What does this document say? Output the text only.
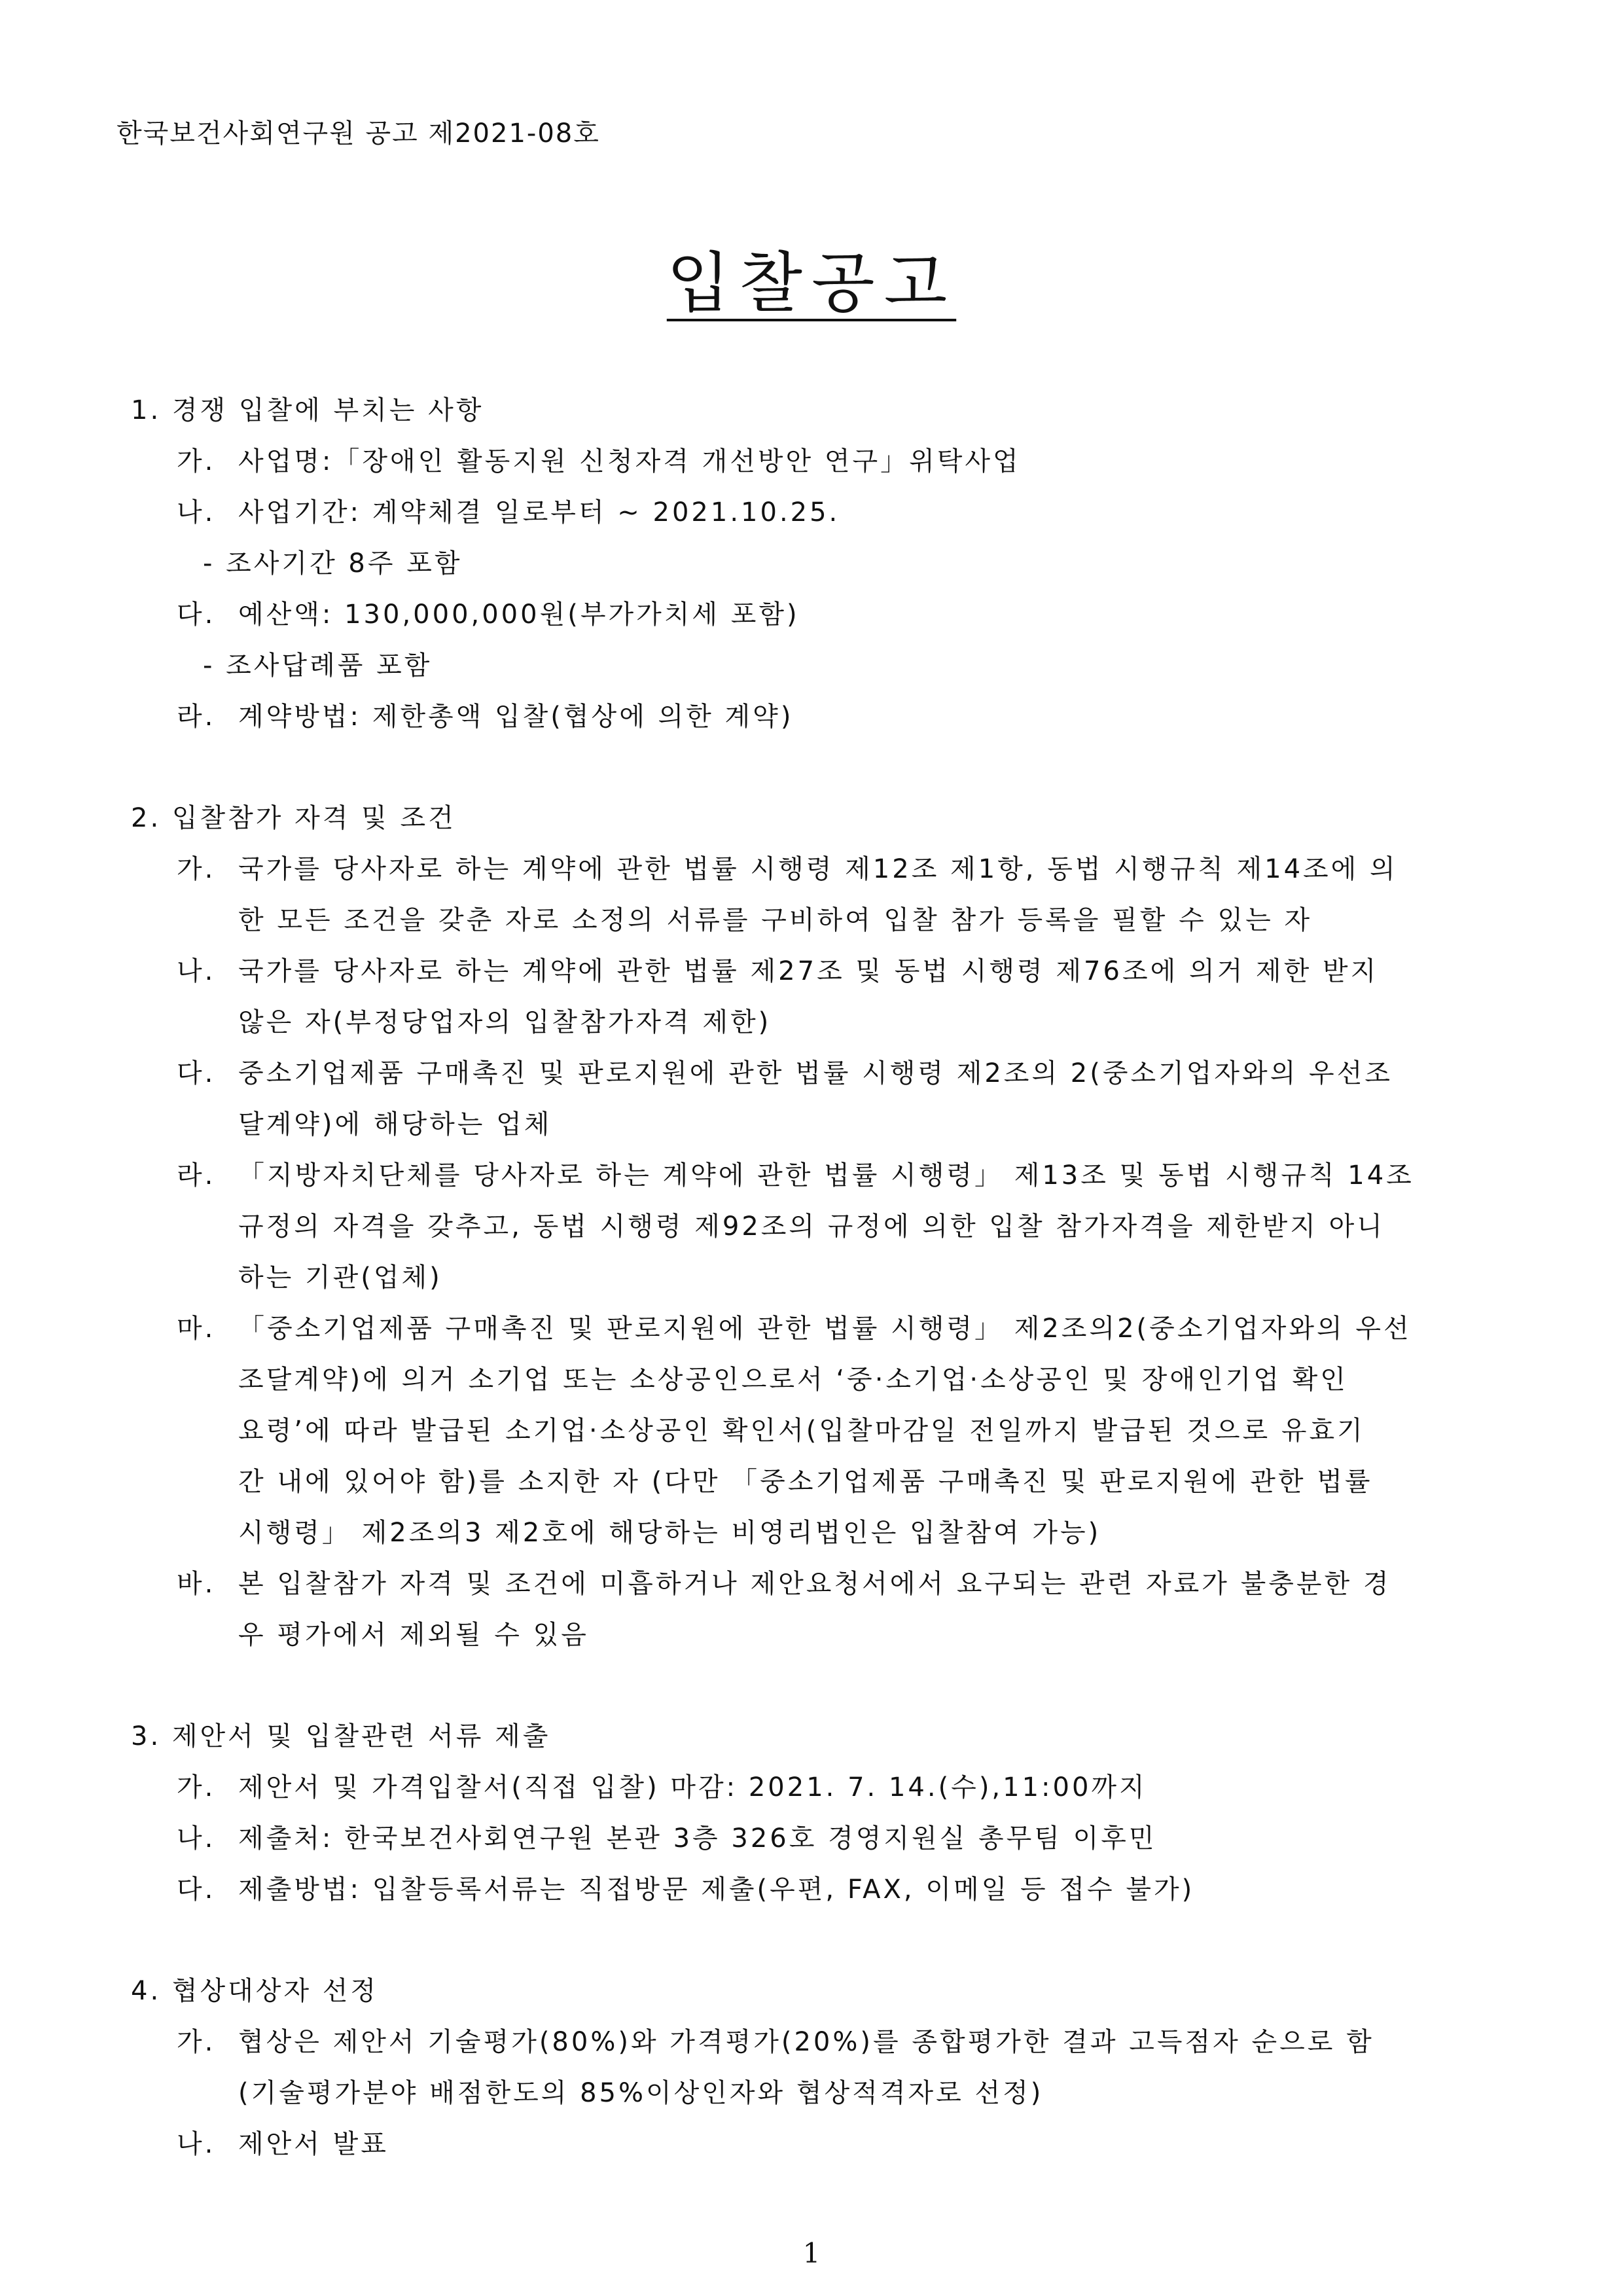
한국보건사회연구원 공고 제2021-08호
입찰공고
1. 경쟁 입찰에 부치는 사항
가. 사업명:「장애인 활동지원 신청자격 개선방안 연구」위탁사업
나. 사업기간: 계약체결 일로부터 ~ 2021.10.25.
- 조사기간 8주 포함
다. 예산액: 130,000,000원(부가가치세 포함)
- 조사답례품 포함
라. 계약방법: 제한총액 입찰(협상에 의한 계약)
2. 입찰참가 자격 및 조건
가. 국가를 당사자로 하는 계약에 관한 법률 시행령 제12조 제1항, 동법 시행규칙 제14조에 의
한 모든 조건을 갖춘 자로 소정의 서류를 구비하여 입찰 참가 등록을 필할 수 있는 자
나. 국가를 당사자로 하는 계약에 관한 법률 제27조 및 동법 시행령 제76조에 의거 제한 받지
않은 자(부정당업자의 입찰참가자격 제한)
다. 중소기업제품 구매촉진 및 판로지원에 관한 법률 시행령 제2조의 2(중소기업자와의 우선조
달계약)에 해당하는 업체
라. 「지방자치단체를 당사자로 하는 계약에 관한 법률 시행령」 제13조 및 동법 시행규칙 14조
규정의 자격을 갖추고, 동법 시행령 제92조의 규정에 의한 입찰 참가자격을 제한받지 아니
하는 기관(업체)
마. 「중소기업제품 구매촉진 및 판로지원에 관한 법률 시행령」 제2조의2(중소기업자와의 우선
조달계약)에 의거 소기업 또는 소상공인으로서 ‘중·소기업·소상공인 및 장애인기업 확인
요령’에 따라 발급된 소기업·소상공인 확인서(입찰마감일 전일까지 발급된 것으로 유효기
간 내에 있어야 함)를 소지한 자 (다만 「중소기업제품 구매촉진 및 판로지원에 관한 법률
시행령」 제2조의3 제2호에 해당하는 비영리법인은 입찰참여 가능)
바. 본 입찰참가 자격 및 조건에 미흡하거나 제안요청서에서 요구되는 관련 자료가 불충분한 경
우 평가에서 제외될 수 있음
3. 제안서 및 입찰관련 서류 제출
가. 제안서 및 가격입찰서(직접 입찰) 마감: 2021. 7. 14.(수),11:00까지
나. 제출처: 한국보건사회연구원 본관 3층 326호 경영지원실 총무팀 이후민
다. 제출방법: 입찰등록서류는 직접방문 제출(우편, FAX, 이메일 등 접수 불가)
4. 협상대상자 선정
가. 협상은 제안서 기술평가(80%)와 가격평가(20%)를 종합평가한 결과 고득점자 순으로 함
(기술평가분야 배점한도의 85%이상인자와 협상적격자로 선정)
나. 제안서 발표
1
